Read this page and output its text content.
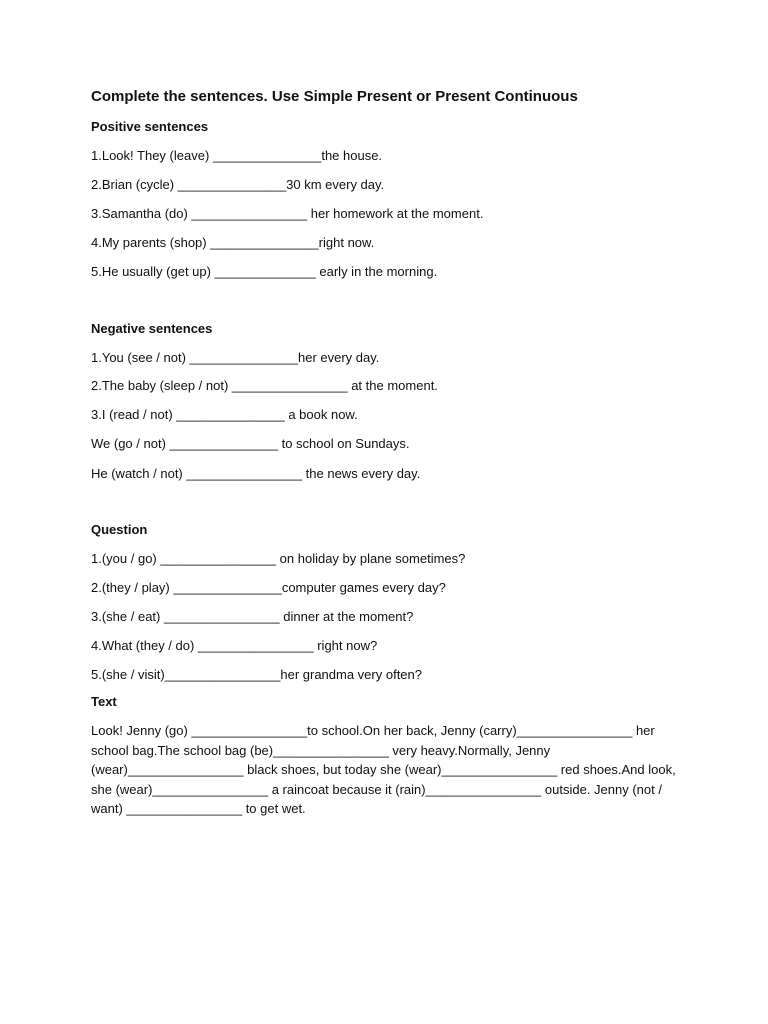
Complete the sentences. Use Simple Present or Present Continuous
Positive sentences
1.Look! They (leave) _______________the house.
2.Brian (cycle) _______________30 km every day.
3.Samantha (do) ________________ her homework at the moment.
4.My parents (shop) _______________right now.
5.He usually (get up) ______________ early in the morning.
Negative sentences
1.You (see / not) _______________her every day.
2.The baby (sleep / not) ________________ at the moment.
3.I (read / not) _______________ a book now.
We (go / not) _______________ to school on Sundays.
He (watch / not) ________________ the news every day.
Question
1.(you / go) ________________ on holiday by plane sometimes?
2.(they / play) _______________computer games every day?
3.(she / eat) ________________ dinner at the moment?
4.What (they / do) ________________ right now?
5.(she / visit)________________her grandma very often?
Text
Look! Jenny (go) ________________to school.On her back, Jenny (carry)________________ her school bag.The school bag (be)________________ very heavy.Normally, Jenny (wear)________________ black shoes, but today she (wear)________________ red shoes.And look, she (wear)________________ a raincoat because it (rain)________________ outside. Jenny (not / want) ________________ to get wet.
